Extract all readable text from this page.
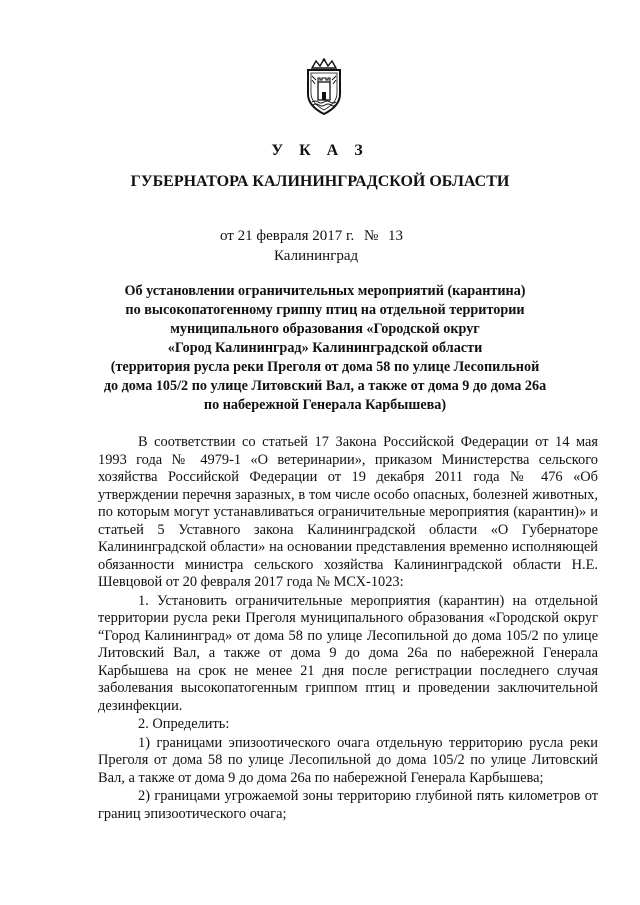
У К А З
ГУБЕРНАТОРА КАЛИНИНГРАДСКОЙ ОБЛАСТИ
от 21 февраля 2017 г. № 13
Калининград
Об установлении ограничительных мероприятий (карантина)
по высокопатогенному гриппу птиц на отдельной территории
муниципального образования «Городской округ
«Город Калининград» Калининградской области
(территория русла реки Преголя от дома 58 по улице Лесопильной
до дома 105/2 по улице Литовский Вал, а также от дома 9 до дома 26а
по набережной Генерала Карбышева)

В соответствии со статьей 17 Закона Российской Федерации от 14 мая 1993 года № 4979-1 «О ветеринарии», приказом Министерства сельского хозяйства Российской Федерации от 19 декабря 2011 года № 476 «Об утверждении перечня заразных, в том числе особо опасных, болезней животных, по которым могут устанавливаться ограничительные мероприятия (карантин)» и статьей 5 Уставного закона Калининградской области «О Губернаторе Калининградской области» на основании представления временно исполняющей обязанности министра сельского хозяйства Калининградской области Н.Е. Шевцовой от 20 февраля 2017 года № МСХ-1023:

1. Установить ограничительные мероприятия (карантин) на отдельной территории русла реки Преголя муниципального образования «Городской округ “Город Калининград» от дома 58 по улице Лесопильной до дома 105/2 по улице Литовский Вал, а также от дома 9 до дома 26а по набережной Генерала Карбышева на срок не менее 21 дня после регистрации последнего случая заболевания высокопатогенным гриппом птиц и проведении заключительной дезинфекции.

2. Определить:

1) границами эпизоотического очага отдельную территорию русла реки Преголя от дома 58 по улице Лесопильной до дома 105/2 по улице Литовский Вал, а также от дома 9 до дома 26а по набережной Генерала Карбышева;

2) границами угрожаемой зоны территорию глубиной пять километров от границ эпизоотического очага;
